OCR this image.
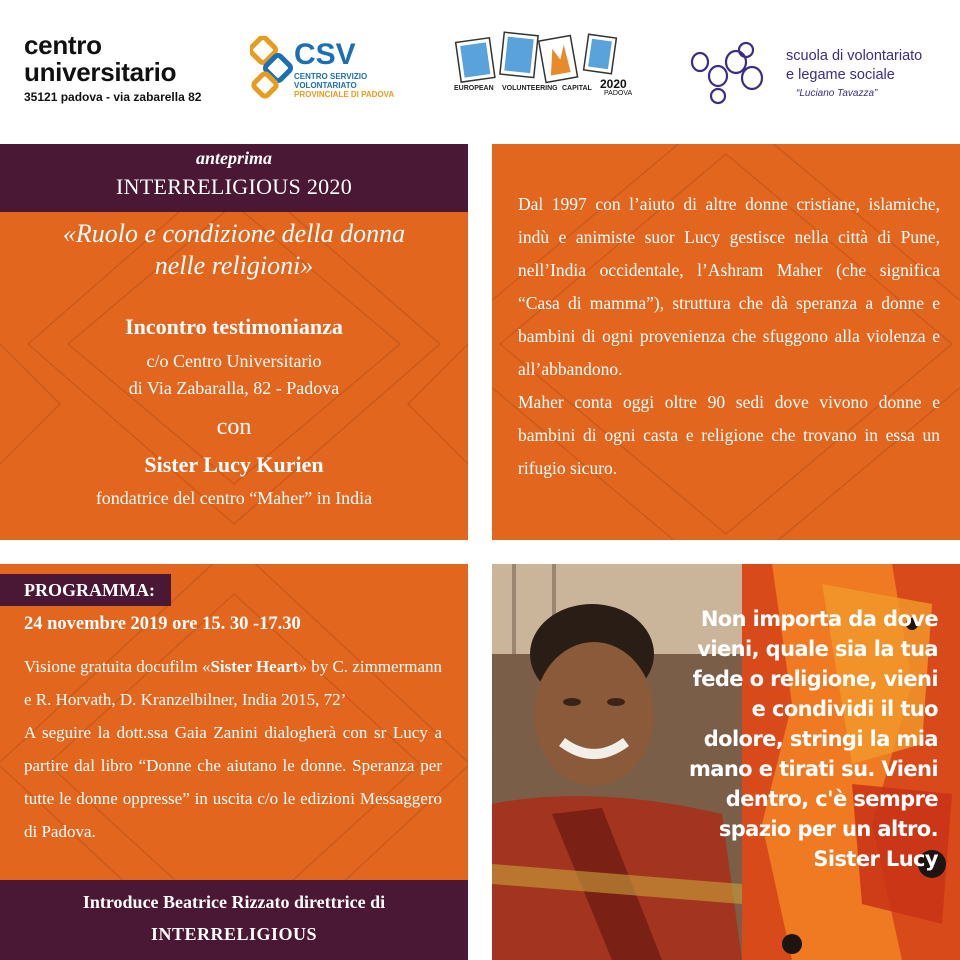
centro
universitario
35121 padova - via zabarella 82
CSV
CENTRO SERVIZIO
VOLONTARIATO
PROVINCIALE DI PADOVA
EUROPEAN VOLUNTEERING CAPITAL 2020
PADOVA
scuola di volontariato
e legame sociale
“Luciano Tavazza”
anteprima
INTERRELIGIOUS 2020
«Ruolo e condizione della donna
nelle religioni»
Incontro testimonianza
c/o Centro Universitario
di Via Zabaralla, 82 - Padova
con
Sister Lucy Kurien
fondatrice del centro “Maher” in India

Dal 1997 con l’aiuto di altre donne cristiane, islamiche, indù e animiste suor Lucy gestisce nella città di Pune, nell’India occidentale, l’Ashram Maher (che significa “Casa di mamma”), struttura che dà speranza a donne e bambini di ogni provenienza che sfuggono alla violenza e all’abbandono.

Maher conta oggi oltre 90 sedi dove vivono donne e bambini di ogni casta e religione che trovano in essa un rifugio sicuro.

PROGRAMMA:
24 novembre 2019 ore 15. 30 -17.30

Visione gratuita docufilm «Sister Heart» by C. zimmermann e R. Horvath, D. Kranzelbilner, India 2015, 72’

A seguire la dott.ssa Gaia Zanini dialogherà con sr Lucy a partire dal libro “Donne che aiutano le donne. Speranza per tutte le donne oppresse” in uscita c/o le edizioni Messaggero di Padova.

Introduce Beatrice Rizzato direttrice di
INTERRELIGIOUS
Non importa da dove
vieni, quale sia la tua
fede o religione, vieni
e condividi il tuo
dolore, stringi la mia
mano e tirati su. Vieni
dentro, c'è sempre
spazio per un altro.
Sister Lucy
